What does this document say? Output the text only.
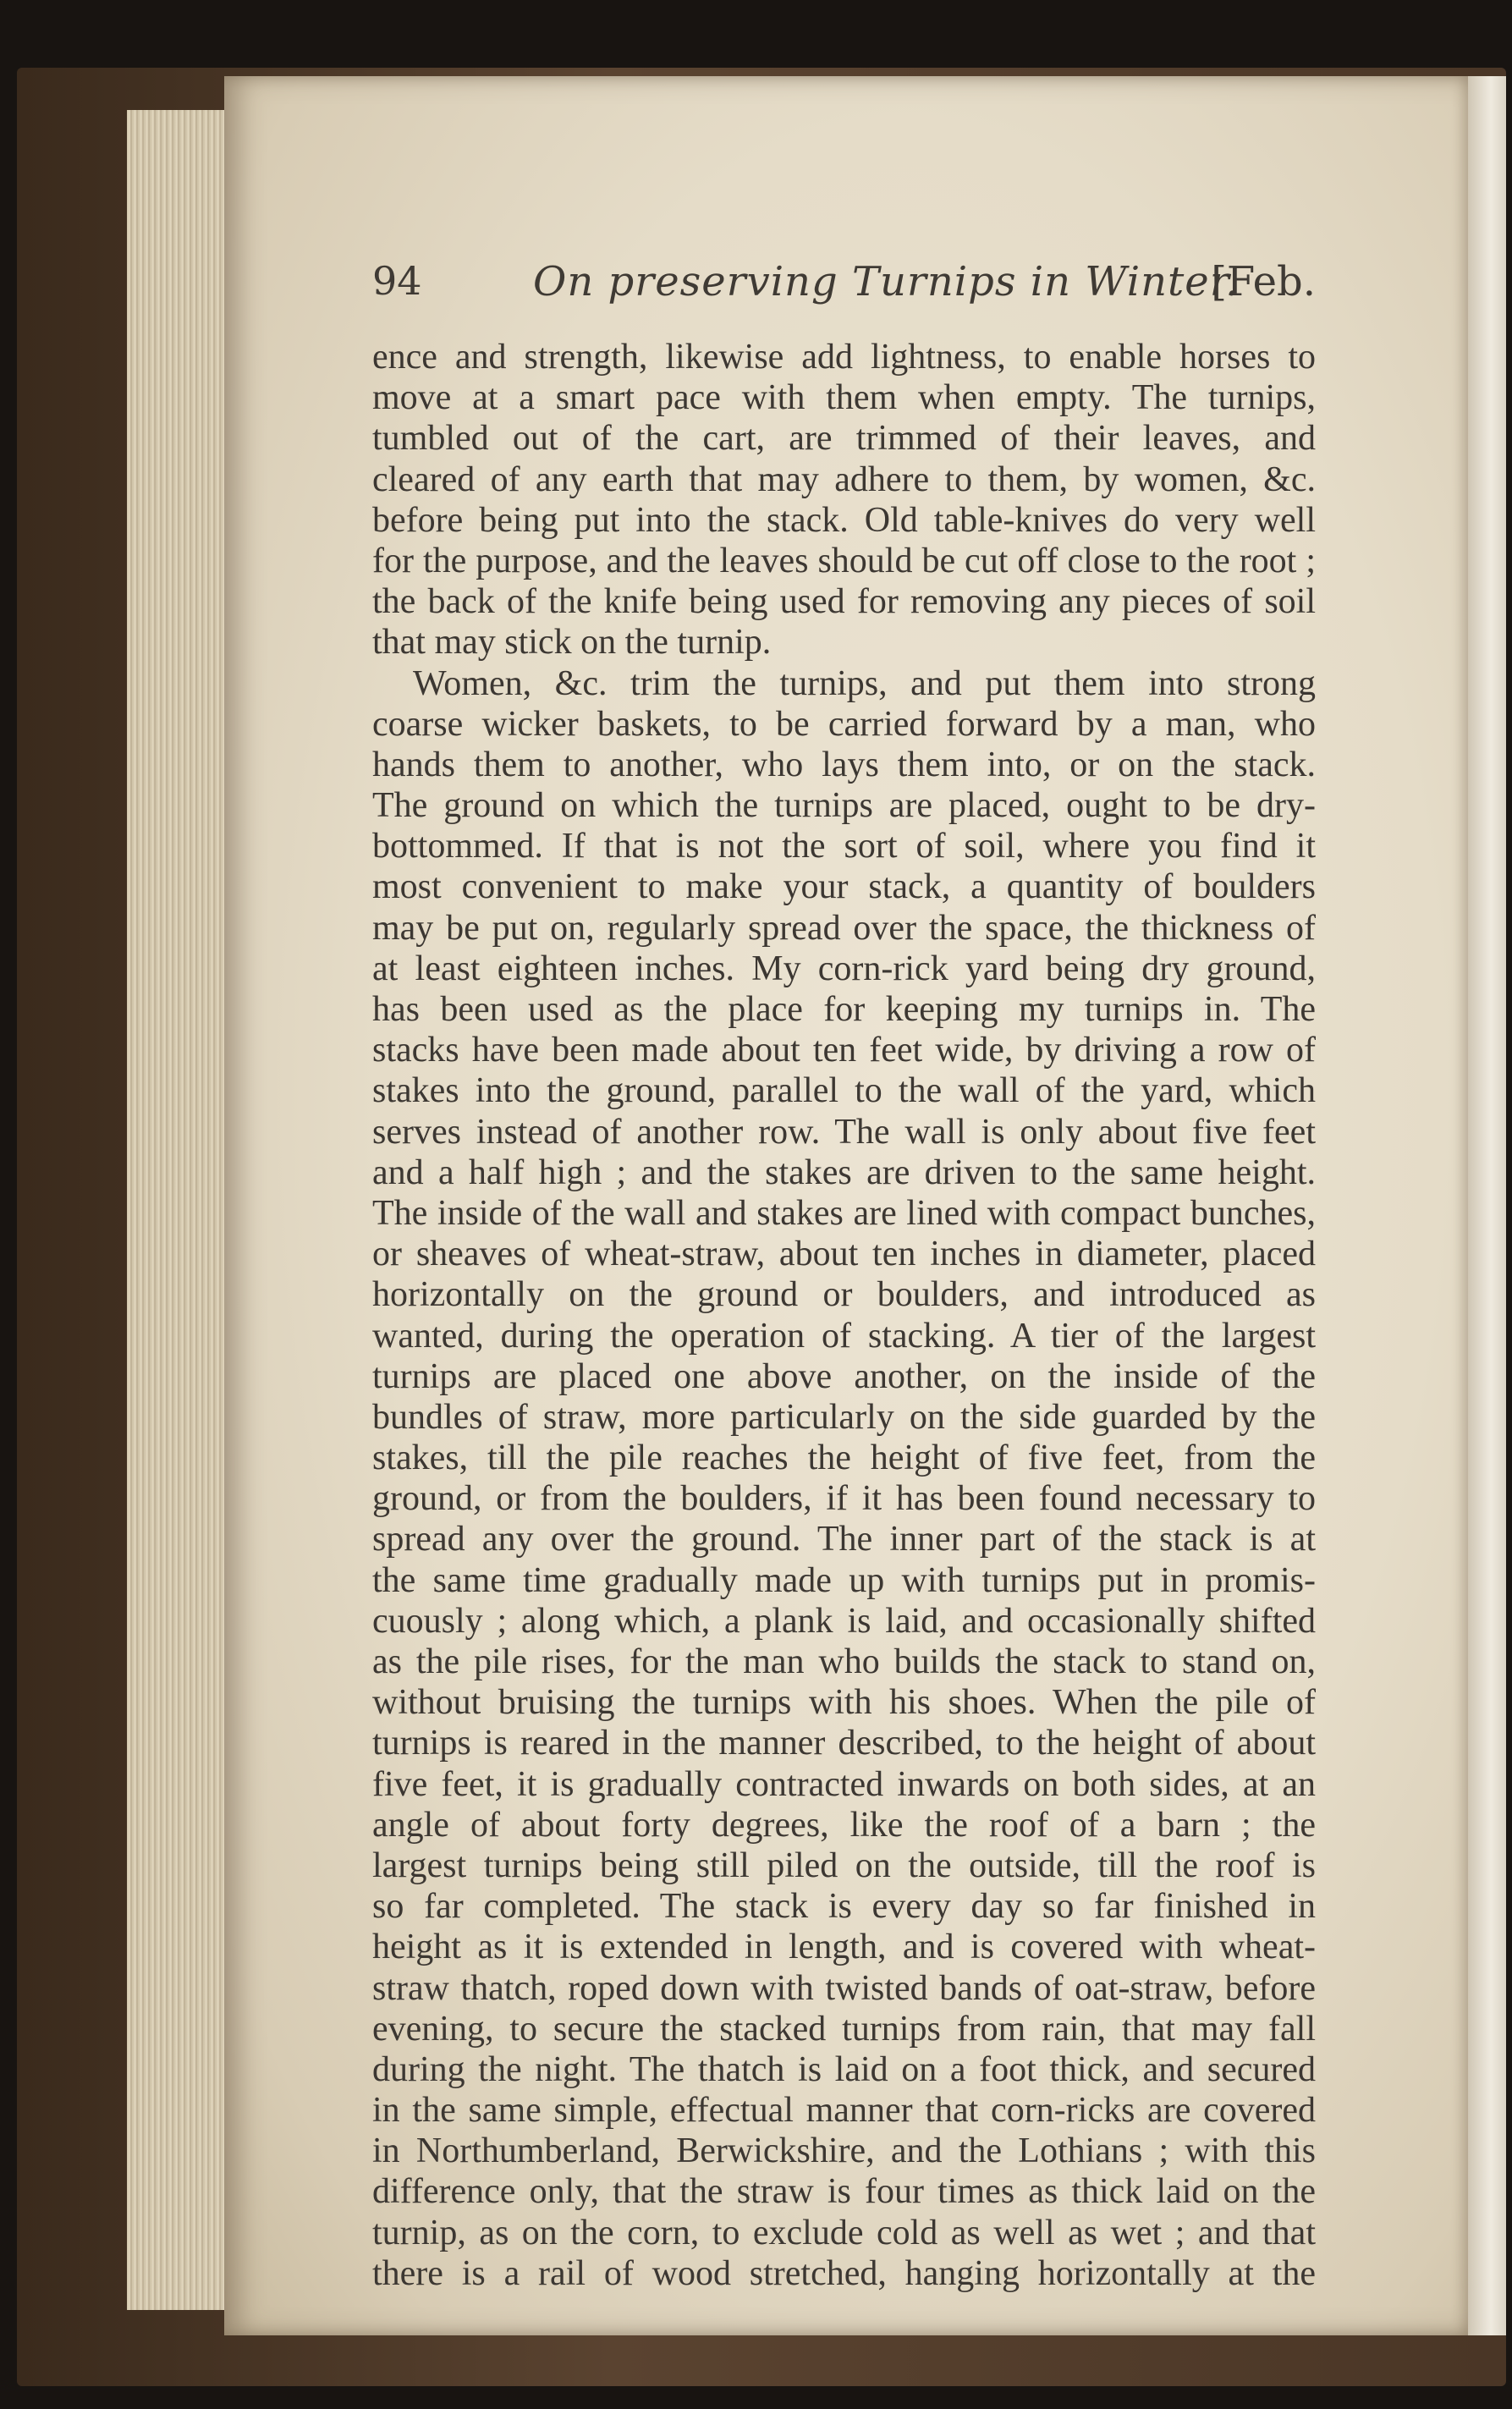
94	On preserving Turnips in Winter.
[Feb.
ence and strength, likewise add lightness, to enable horses to
move at a smart pace with them when empty. The turnips,
tumbled out of the cart, are trimmed of their leaves, and
cleared of any earth that may adhere to them, by women, &c.
before being put into the stack. Old table-knives do very well
for the purpose, and the leaves should be cut off close to the root ;
the back of the knife being used for removing any pieces of soil
that may stick on the turnip.
Women, &c. trim the turnips, and put them into strong
coarse wicker baskets, to be carried forward by a man, who
hands them to another, who lays them into, or on the stack.
The ground on which the turnips are placed, ought to be dry-
bottommed. If that is not the sort of soil, where you find it
most convenient to make your stack, a quantity of boulders
may be put on, regularly spread over the space, the thickness of
at least eighteen inches. My corn-rick yard being dry ground,
has been used as the place for keeping my turnips in. The
stacks have been made about ten feet wide, by driving a row of
stakes into the ground, parallel to the wall of the yard, which
serves instead of another row. The wall is only about five feet
and a half high ; and the stakes are driven to the same height.
The inside of the wall and stakes are lined with compact bunches,
or sheaves of wheat-straw, about ten inches in diameter, placed
horizontally on the ground or boulders, and introduced as
wanted, during the operation of stacking. A tier of the largest
turnips are placed one above another, on the inside of the
bundles of straw, more particularly on the side guarded by the
stakes, till the pile reaches the height of five feet, from the
ground, or from the boulders, if it has been found necessary to
spread any over the ground. The inner part of the stack is at
the same time gradually made up with turnips put in promis-
cuously ; along which, a plank is laid, and occasionally shifted
as the pile rises, for the man who builds the stack to stand on,
without bruising the turnips with his shoes. When the pile of
turnips is reared in the manner described, to the height of about
five feet, it is gradually contracted inwards on both sides, at an
angle of about forty degrees, like the roof of a barn ; the
largest turnips being still piled on the outside, till the roof is
so far completed. The stack is every day so far finished in
height as it is extended in length, and is covered with wheat-
straw thatch, roped down with twisted bands of oat-straw, before
evening, to secure the stacked turnips from rain, that may fall
during the night. The thatch is laid on a foot thick, and secured
in the same simple, effectual manner that corn-ricks are covered
in Northumberland, Berwickshire, and the Lothians ; with this
difference only, that the straw is four times as thick laid on the
turnip, as on the corn, to exclude cold as well as wet ; and that
there is a rail of wood stretched, hanging horizontally at the
